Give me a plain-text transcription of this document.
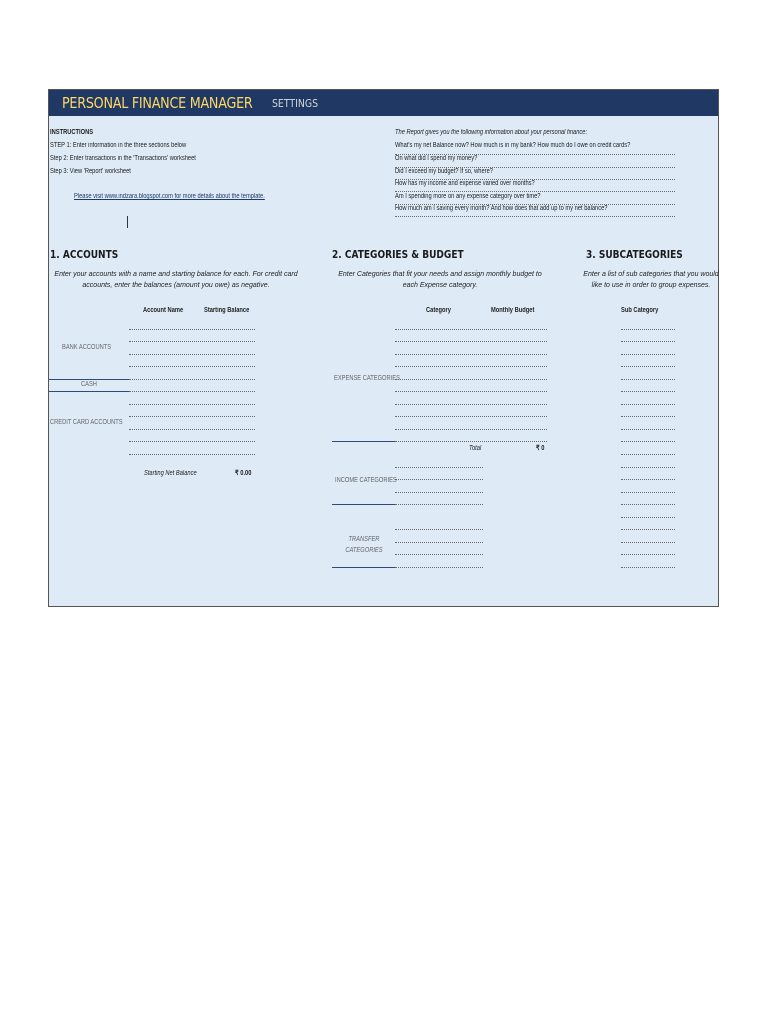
PERSONAL FINANCE MANAGER SETTINGS
INSTRUCTIONS
STEP 1: Enter information in the three sections below
Step 2: Enter transactions in the 'Transactions' worksheet
Step 3: View 'Report' worksheet
Please visit www.indzara.blogspot.com for more details about the template.
The Report gives you the following information about your personal finance:
What's my net Balance now? How much is in my bank? How much do I owe on credit cards?
On what did I spend my money?
Did I exceed my budget? If so, where?
How has my income and expense varied over months?
Am I spending more on any expense category over time?
How much am I saving every month? And how does that add up to my net balance?
1. ACCOUNTS
Enter your accounts with a name and starting balance for each. For credit card accounts, enter the balances (amount you owe) as negative.
Account Name	Starting Balance
BANK ACCOUNTS
CASH
CREDIT CARD ACCOUNTS
Starting Net Balance	₹ 0.00
2. CATEGORIES & BUDGET
Enter Categories that fit your needs and assign monthly budget to each Expense category.
Category	Monthly Budget
EXPENSE CATEGORIES
Total	₹ 0
INCOME CATEGORIES
TRANSFER CATEGORIES
3. SUBCATEGORIES
Enter a list of sub categories that you would like to use in order to group expenses.
Sub Category
